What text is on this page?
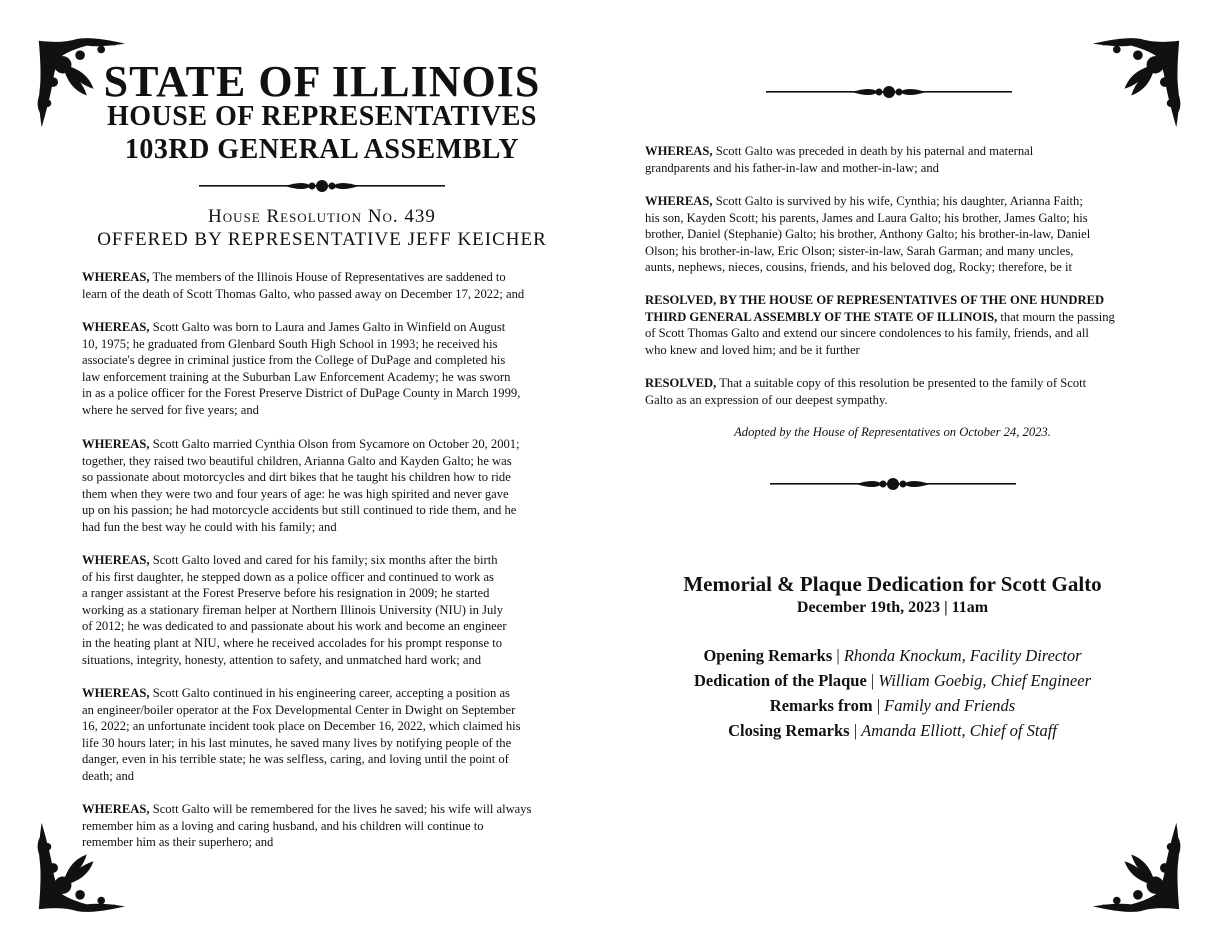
STATE OF ILLINOIS
HOUSE OF REPRESENTATIVES
103RD GENERAL ASSEMBLY
House Resolution No. 439
OFFERED BY REPRESENTATIVE JEFF KEICHER
WHEREAS, The members of the Illinois House of Representatives are saddened to
learn of the death of Scott Thomas Galto, who passed away on December 17, 2022; and
WHEREAS, Scott Galto was born to Laura and James Galto in Winfield on August
10, 1975; he graduated from Glenbard South High School in 1993; he received his
associate's degree in criminal justice from the College of DuPage and completed his
law enforcement training at the Suburban Law Enforcement Academy; he was sworn
in as a police officer for the Forest Preserve District of DuPage County in March 1999,
where he served for five years; and
WHEREAS, Scott Galto married Cynthia Olson from Sycamore on October 20, 2001;
together, they raised two beautiful children, Arianna Galto and Kayden Galto; he was
so passionate about motorcycles and dirt bikes that he taught his children how to ride
them when they were two and four years of age: he was high spirited and never gave
up on his passion; he had motorcycle accidents but still continued to ride them, and he
had fun the best way he could with his family; and
WHEREAS, Scott Galto loved and cared for his family; six months after the birth
of his first daughter, he stepped down as a police officer and continued to work as
a ranger assistant at the Forest Preserve before his resignation in 2009; he started
working as a stationary fireman helper at Northern Illinois University (NIU) in July
of 2012; he was dedicated to and passionate about his work and become an engineer
in the heating plant at NIU, where he received accolades for his prompt response to
situations, integrity, honesty, attention to safety, and unmatched hard work; and
WHEREAS, Scott Galto continued in his engineering career, accepting a position as
an engineer/boiler operator at the Fox Developmental Center in Dwight on September
16, 2022; an unfortunate incident took place on December 16, 2022, which claimed his
life 30 hours later; in his last minutes, he saved many lives by notifying people of the
danger, even in his terrible state; he was selfless, caring, and loving until the point of
death; and
WHEREAS, Scott Galto will be remembered for the lives he saved; his wife will always
remember him as a loving and caring husband, and his children will continue to
remember him as their superhero; and
WHEREAS, Scott Galto was preceded in death by his paternal and maternal
grandparents and his father-in-law and mother-in-law; and
WHEREAS, Scott Galto is survived by his wife, Cynthia; his daughter, Arianna Faith;
his son, Kayden Scott; his parents, James and Laura Galto; his brother, James Galto; his
brother, Daniel (Stephanie) Galto; his brother, Anthony Galto; his brother-in-law, Daniel
Olson; his brother-in-law, Eric Olson; sister-in-law, Sarah Garman; and many uncles,
aunts, nephews, nieces, cousins, friends, and his beloved dog, Rocky; therefore, be it
RESOLVED, BY THE HOUSE OF REPRESENTATIVES OF THE ONE HUNDRED
THIRD GENERAL ASSEMBLY OF THE STATE OF ILLINOIS, that mourn the passing
of Scott Thomas Galto and extend our sincere condolences to his family, friends, and all
who knew and loved him; and be it further
RESOLVED, That a suitable copy of this resolution be presented to the family of Scott
Galto as an expression of our deepest sympathy.
Adopted by the House of Representatives on October 24, 2023.
Memorial & Plaque Dedication for Scott Galto
December 19th, 2023 | 11am
Opening Remarks | Rhonda Knockum, Facility Director
Dedication of the Plaque | William Goebig, Chief Engineer
Remarks from | Family and Friends
Closing Remarks | Amanda Elliott, Chief of Staff
